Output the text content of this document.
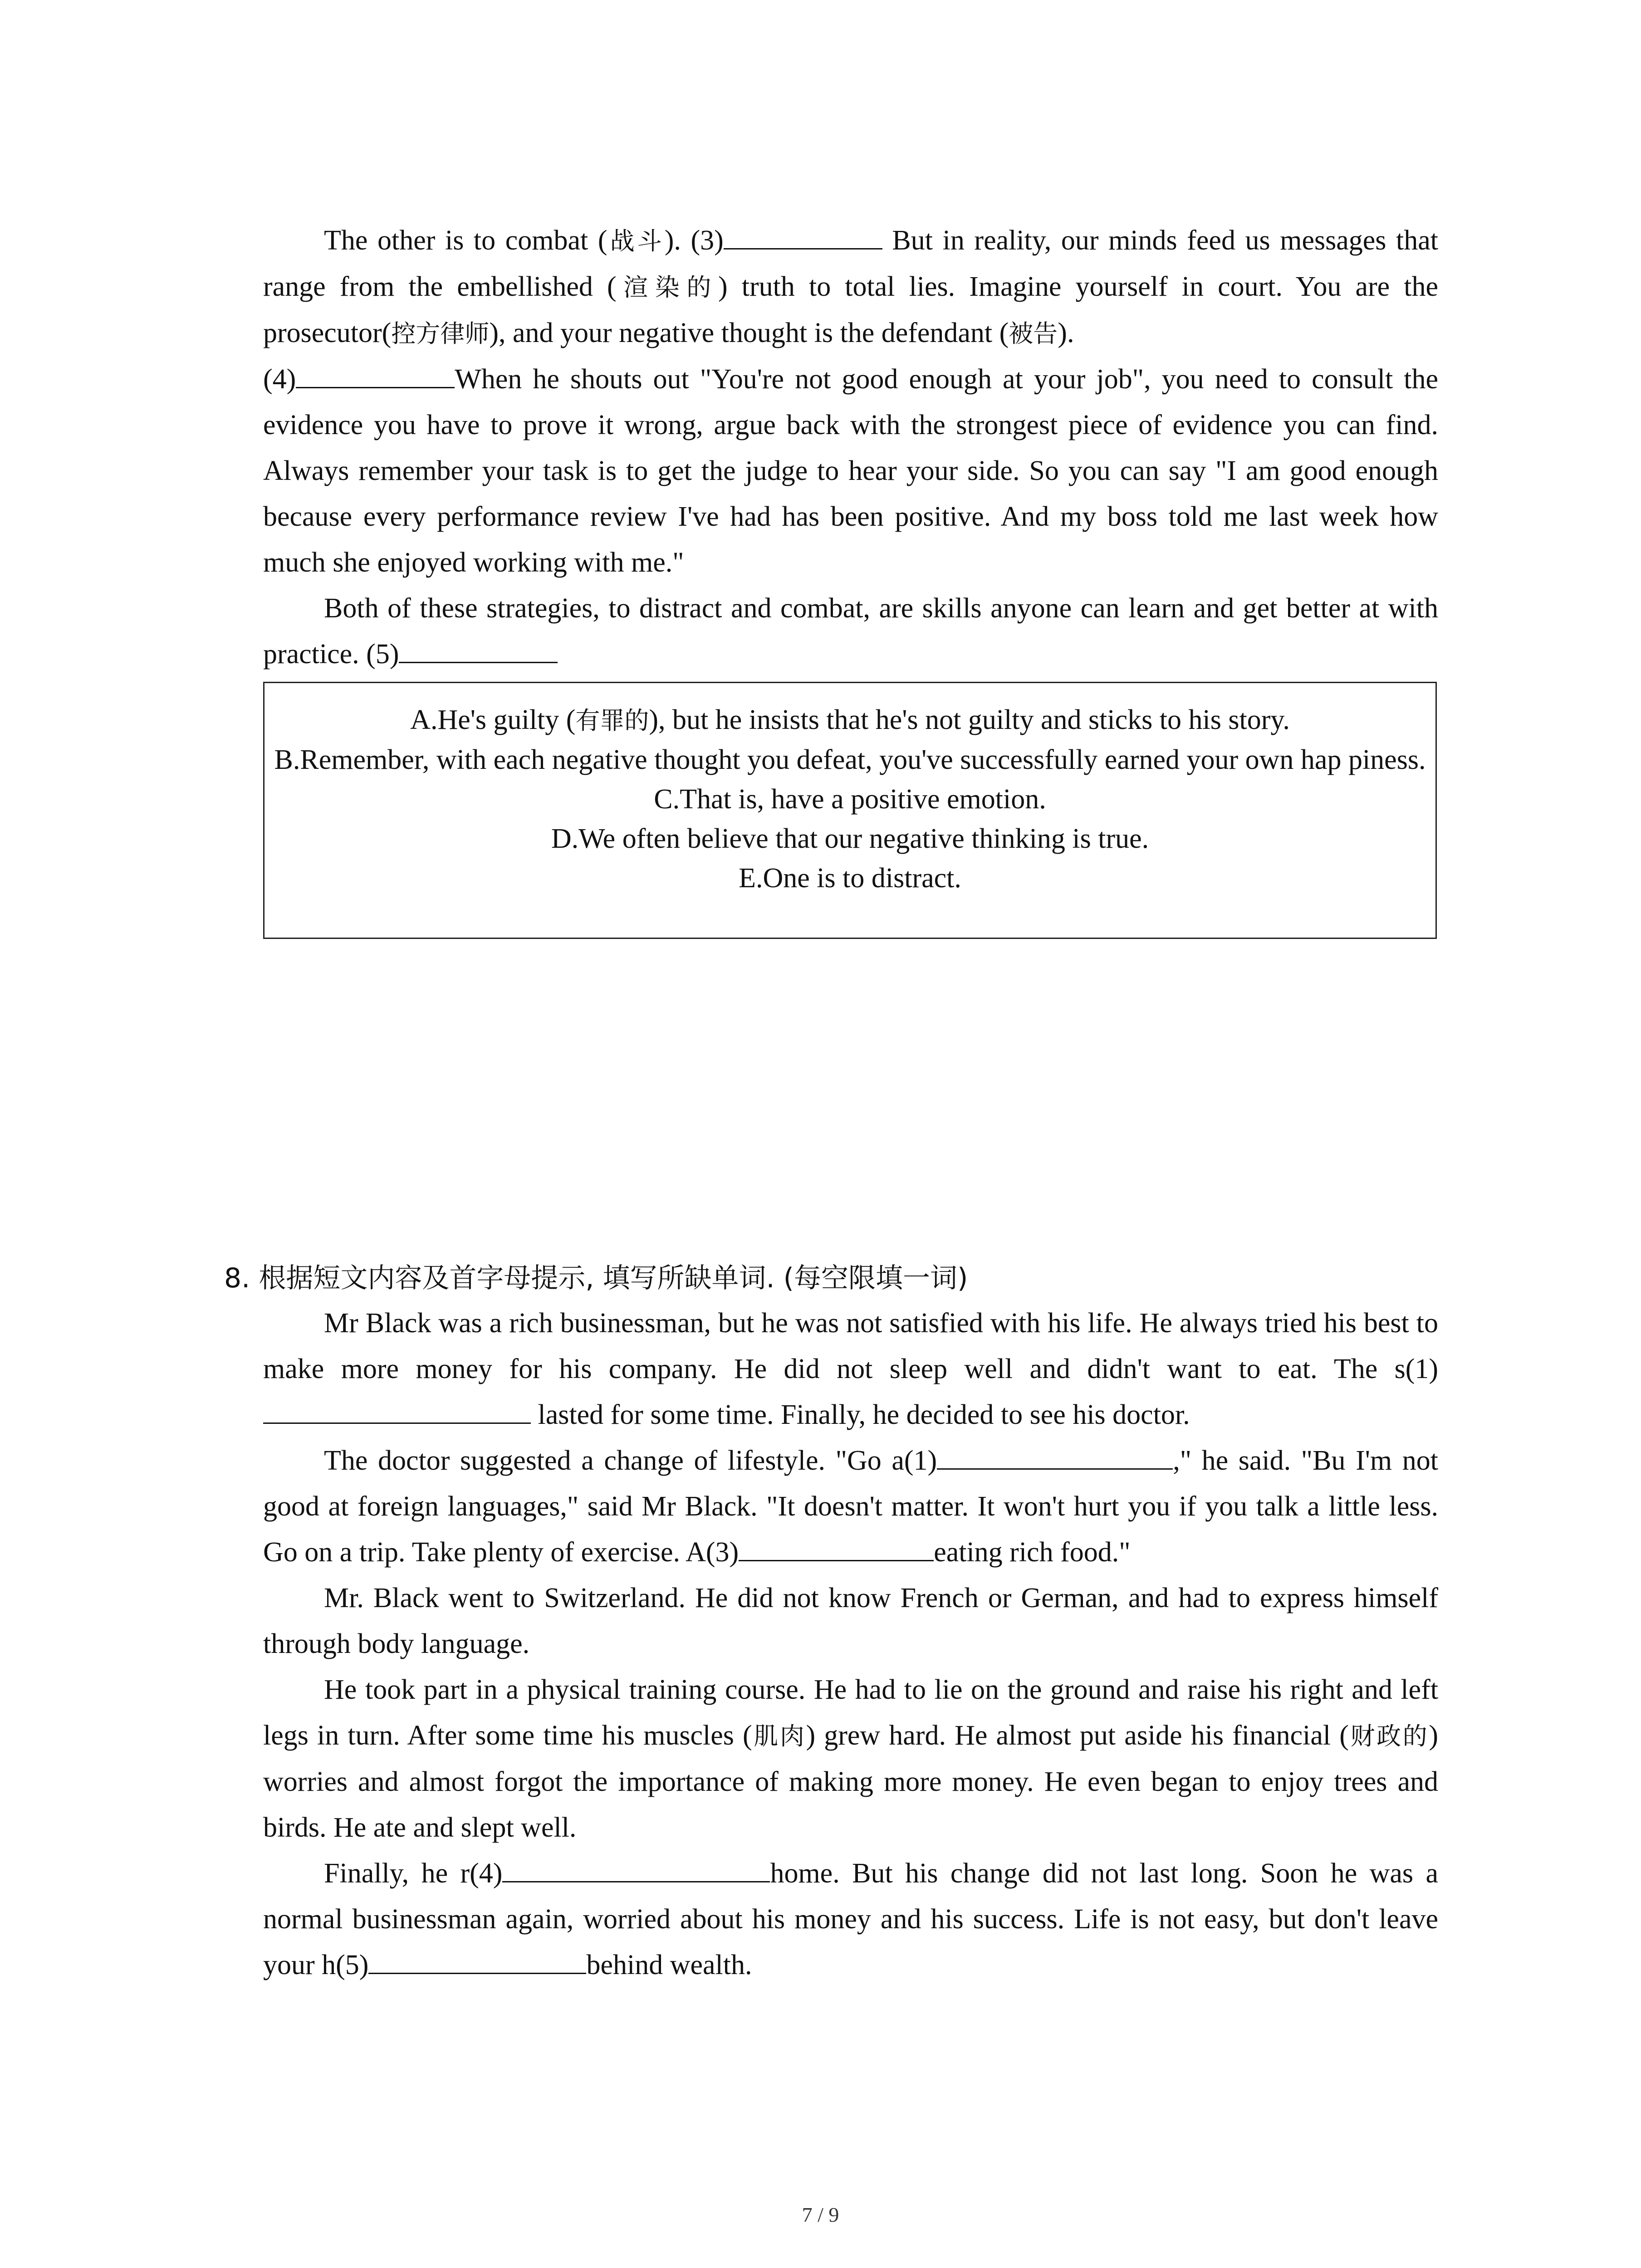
The other is to combat (战斗). (3)	But in reality, our minds feed us messages that range from the embellished (渲染的) truth to total lies. Imagine yourself in court. You are the prosecutor(控方律师), and your negative thought is the defendant (被告).

(4)	When he shouts out "You're not good enough at your job", you need to consult the evidence you have to prove it wrong, argue back with the strongest piece of evidence you can find. Always remember your task is to get the judge to hear your side. So you can say "I am good enough because every performance review I've had has been positive. And my boss told me last week how much she enjoyed working with me."

Both of these strategies, to distract and combat, are skills anyone can learn and get better at with practice. (5)

A.He's guilty (有罪的), but he insists that he's not guilty and sticks to his story.
B.Remember, with each negative thought you defeat, you've successfully earned your own hap piness.
C.That is, have a positive emotion.
D.We often believe that our negative thinking is true.
E.One is to distract.
8. 根据短文内容及首字母提示, 填写所缺单词. (每空限填一词)

Mr Black was a rich businessman, but he was not satisfied with his life. He always tried his best to make more money for his company. He did not sleep well and didn't want to eat. The s(1) lasted for some time. Finally, he decided to see his doctor.

The doctor suggested a change of lifestyle. "Go a(1)	," he said. "Bu I'm not good at foreign languages," said Mr Black. "It doesn't matter. It won't hurt you if you talk a little less. Go on a trip. Take plenty of exercise. A(3)	eating rich food."

Mr. Black went to Switzerland. He did not know French or German, and had to express himself through body language.

He took part in a physical training course. He had to lie on the ground and raise his right and left legs in turn. After some time his muscles (肌肉) grew hard. He almost put aside his financial (财政的) worries and almost forgot the importance of making more money. He even began to enjoy trees and birds. He ate and slept well.

Finally, he r(4)	home. But his change did not last long. Soon he was a normal businessman again, worried about his money and his success. Life is not easy, but don't leave your h(5)	behind wealth.

7 / 9
